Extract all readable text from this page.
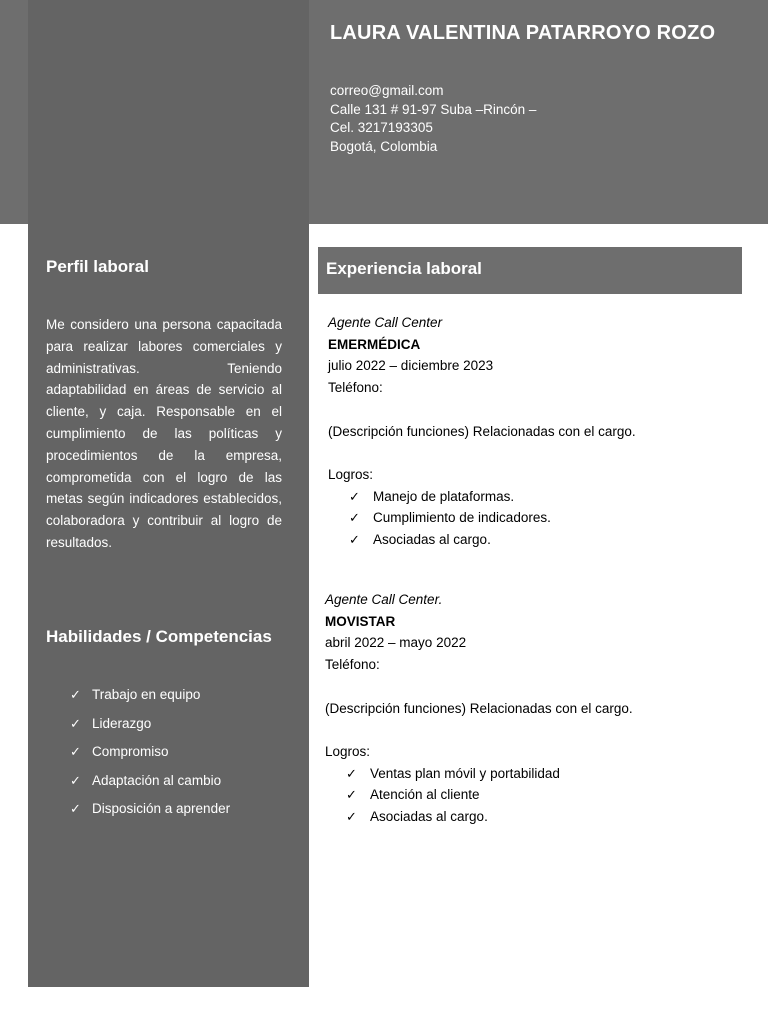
LAURA VALENTINA PATARROYO ROZO
correo@gmail.com
Calle 131 # 91-97 Suba –Rincón –
Cel. 3217193305
Bogotá, Colombia
Perfil laboral

Me considero una persona capacitada para realizar labores comerciales y administrativas. Teniendo adaptabilidad en áreas de servicio al cliente, y caja. Responsable en el cumplimiento de las políticas y procedimientos de la empresa, comprometida con el logro de las metas según indicadores establecidos, colaboradora y contribuir al logro de resultados.

Habilidades / Competencias
✓ Trabajo en equipo
✓ Liderazgo
✓ Compromiso
✓ Adaptación al cambio
✓ Disposición a aprender
Experiencia laboral
Agente Call Center
EMERMÉDICA
julio 2022 – diciembre 2023
Teléfono:
(Descripción funciones) Relacionadas con el cargo.
Logros:
✓ Manejo de plataformas.
✓ Cumplimiento de indicadores.
✓ Asociadas al cargo.
Agente Call Center.
MOVISTAR
abril 2022 – mayo 2022
Teléfono:
(Descripción funciones) Relacionadas con el cargo.
Logros:
✓ Ventas plan móvil y portabilidad
✓ Atención al cliente
✓ Asociadas al cargo.
